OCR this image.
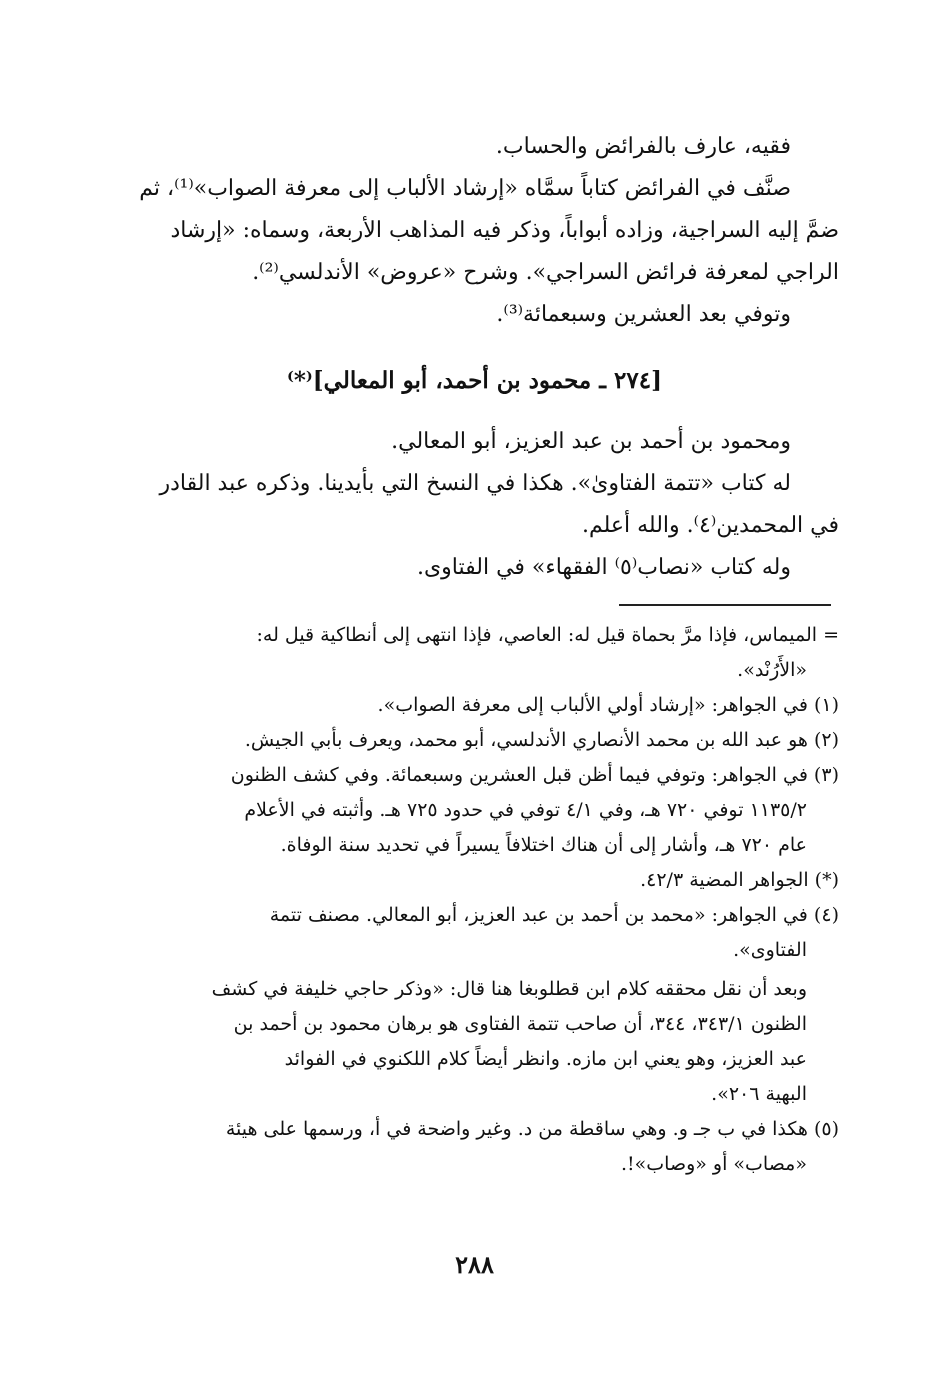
فقيه، عارف بالفرائض والحساب.
صنَّف في الفرائض كتاباً سمَّاه «إرشاد الألباب إلى معرفة الصواب»⁽¹⁾، ثم
ضمَّ إليه السراجية، وزاده أبواباً، وذكر فيه المذاهب الأربعة، وسماه: «إرشاد
الراجي لمعرفة فرائض السراجي». وشرح «عروض» الأندلسي⁽²⁾.
وتوفي بعد العشرين وسبعمائة⁽³⁾.
[٢٧٤ ـ محمود بن أحمد، أبو المعالي]⁽*⁾
ومحمود بن أحمد بن عبد العزيز، أبو المعالي.
له كتاب «تتمة الفتاوىٰ». هكذا في النسخ التي بأيدينا. وذكره عبد القادر
في المحمدين⁽٤⁾. والله أعلم.
وله كتاب «نصاب⁽٥⁾ الفقهاء» في الفتاوى.
= الميماس، فإذا مرَّ بحماة قيل له: العاصي، فإذا انتهى إلى أنطاكية قيل له:
«الأَرُنْد».
(١) في الجواهر: «إرشاد أولي الألباب إلى معرفة الصواب».
(٢) هو عبد الله بن محمد الأنصاري الأندلسي، أبو محمد، ويعرف بأبي الجيش.
(٣) في الجواهر: وتوفي فيما أظن قبل العشرين وسبعمائة. وفي كشف الظنون
١١٣٥/٢ توفي ٧٢٠ هـ، وفي ٤/١ توفي في حدود ٧٢٥ هـ. وأثبته في الأعلام
عام ٧٢٠ هـ، وأشار إلى أن هناك اختلافاً يسيراً في تحديد سنة الوفاة.
(*) الجواهر المضية ٤٢/٣.
(٤) في الجواهر: «محمد بن أحمد بن عبد العزيز، أبو المعالي. مصنف تتمة
الفتاوى».
وبعد أن نقل محققه كلام ابن قطلوبغا هنا قال: «وذكر حاجي خليفة في كشف
الظنون ٣٤٣/١، ٣٤٤، أن صاحب تتمة الفتاوى هو برهان محمود بن أحمد بن
عبد العزيز، وهو يعني ابن مازه. وانظر أيضاً كلام اللكنوي في الفوائد
البهية ٢٠٦».
(٥) هكذا في ب جـ و. وهي ساقطة من د. وغير واضحة في أ، ورسمها على هيئة
«مصاب» أو «وصاب»!.
٢٨٨
